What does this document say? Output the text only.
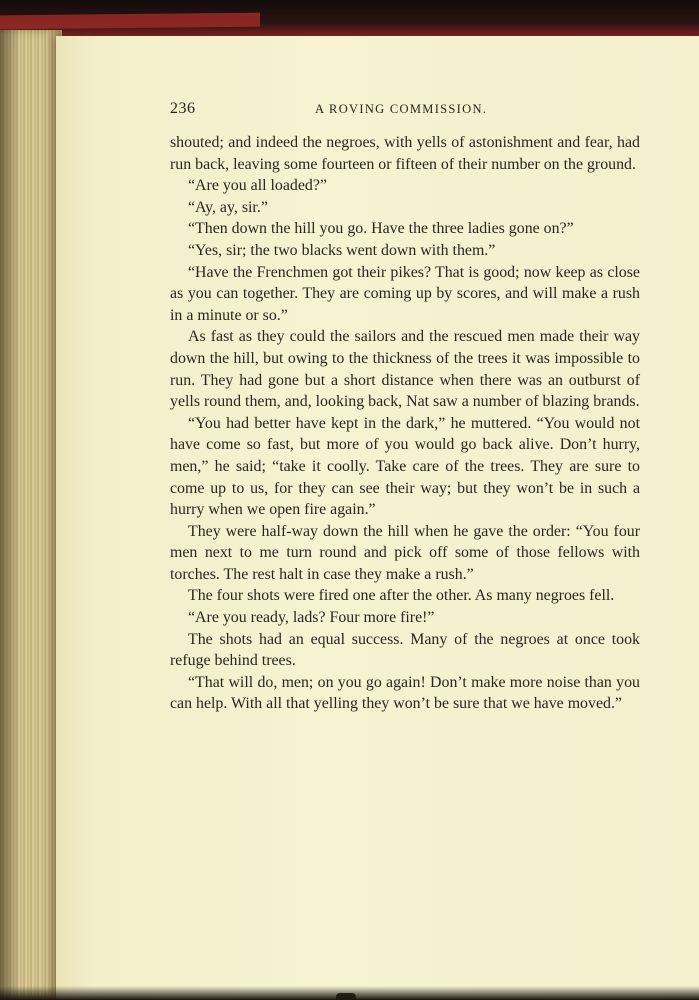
236	A ROVING COMMISSION.

shouted; and indeed the negroes, with yells of astonishment and fear, had run back, leaving some fourteen or fifteen of their number on the ground.

“Are you all loaded?”

“Ay, ay, sir.”

“Then down the hill you go. Have the three ladies gone on?”

“Yes, sir; the two blacks went down with them.”

“Have the Frenchmen got their pikes? That is good; now keep as close as you can together. They are coming up by scores, and will make a rush in a minute or so.”

As fast as they could the sailors and the rescued men made their way down the hill, but owing to the thickness of the trees it was impossible to run. They had gone but a short distance when there was an outburst of yells round them, and, looking back, Nat saw a number of blazing brands.

“You had better have kept in the dark,” he muttered. “You would not have come so fast, but more of you would go back alive. Don’t hurry, men,” he said; “take it coolly. Take care of the trees. They are sure to come up to us, for they can see their way; but they won’t be in such a hurry when we open fire again.”

They were half-way down the hill when he gave the order: “You four men next to me turn round and pick off some of those fellows with torches. The rest halt in case they make a rush.”

The four shots were fired one after the other. As many negroes fell.

“Are you ready, lads? Four more fire!”

The shots had an equal success. Many of the negroes at once took refuge behind trees.

“That will do, men; on you go again! Don’t make more noise than you can help. With all that yelling they won’t be sure that we have moved.”
